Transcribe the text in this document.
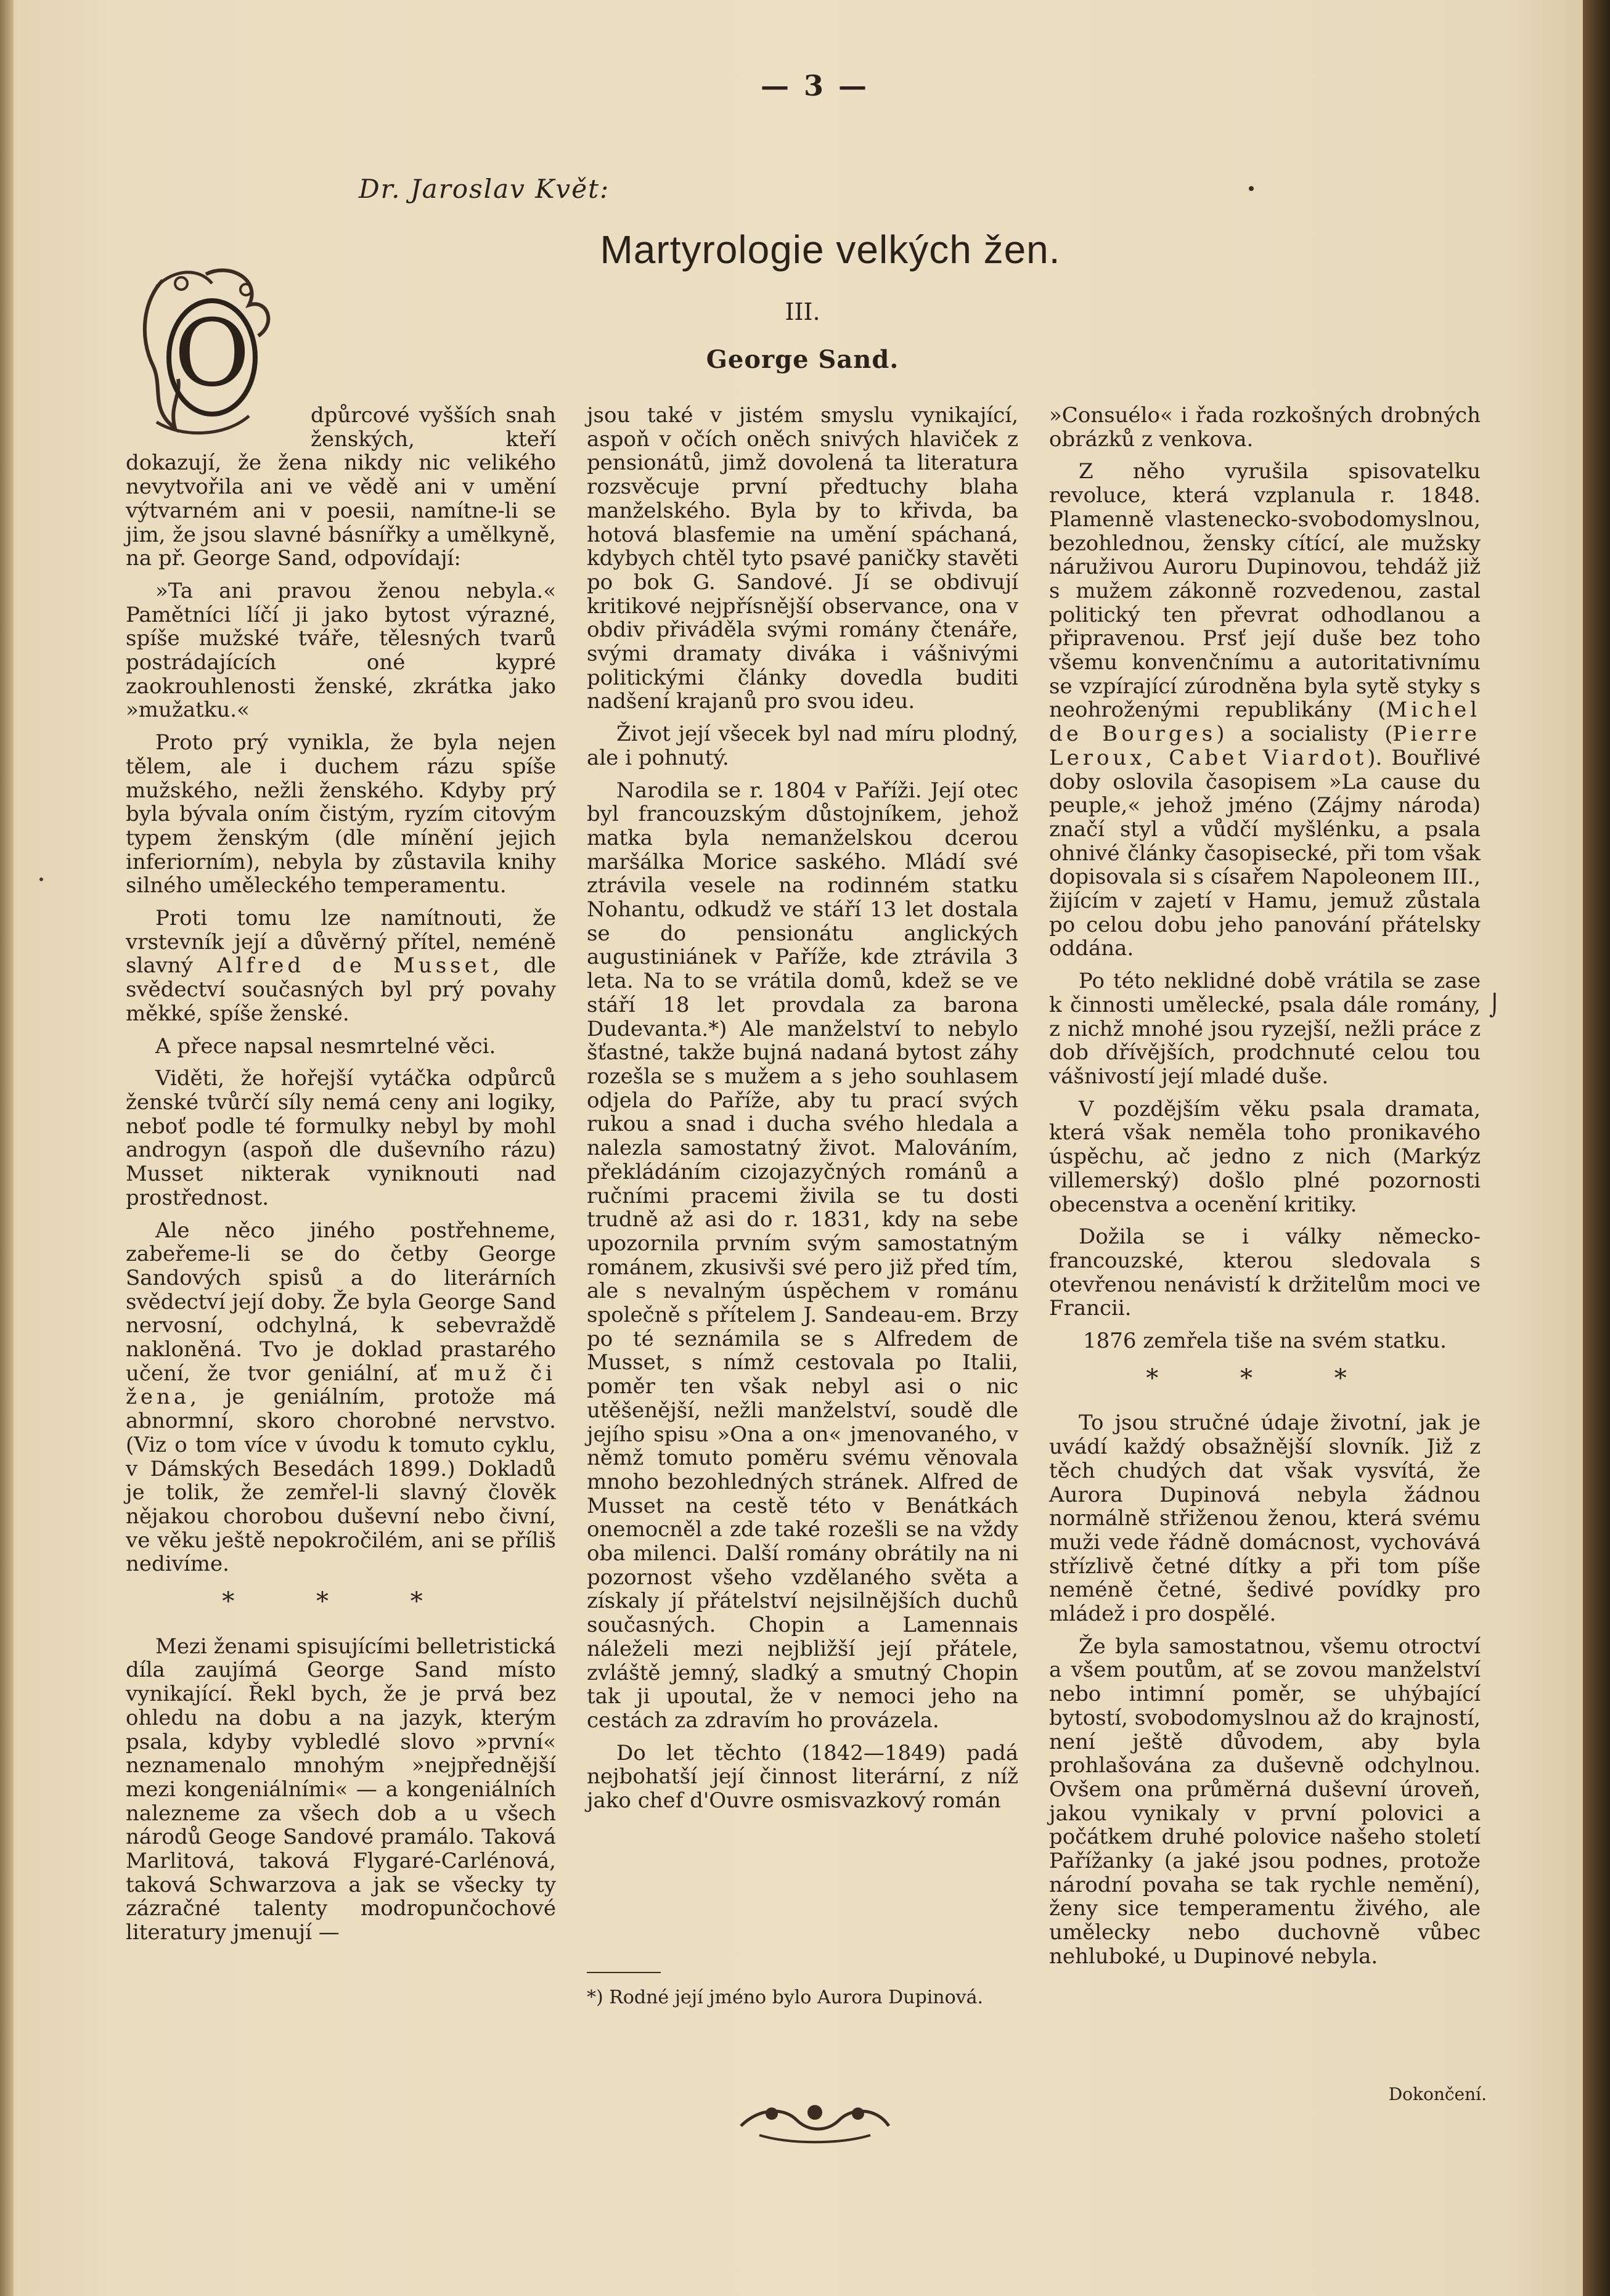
— 3 —
Dr. Jaroslav Květ:
Martyrologie velkých žen.
III.
George Sand.
O

dpůrcové vyšších snah ženských, kteří dokazují, že žena nikdy nic velikého nevytvořila ani ve vědě ani v umění výtvarném ani v poesii, namítne-li se jim, že jsou slavné básnířky a umělkyně, na př. George Sand, odpovídají:

»Ta ani pravou ženou nebyla.« Pamětníci líčí ji jako bytost výrazné, spíše mužské tváře, tělesných tvarů postrádajících oné kypré zaokrouhlenosti ženské, zkrátka jako »mužatku.«

Proto prý vynikla, že byla nejen tělem, ale i duchem rázu spíše mužského, nežli ženského. Kdyby prý byla bývala oním čistým, ryzím citovým typem ženským (dle mínění jejich inferiorním), nebyla by zůstavila knihy silného uměleckého temperamentu.

Proti tomu lze namítnouti, že vrstevník její a důvěrný přítel, neméně slavný Alfred de Musset, dle svědectví současných byl prý povahy měkké, spíše ženské.

A přece napsal nesmrtelné věci.

Viděti, že hořejší vytáčka odpůrců ženské tvůrčí síly nemá ceny ani logiky, neboť podle té formulky nebyl by mohl androgyn (aspoň dle duševního rázu) Musset nikterak vyniknouti nad prostřednost.

Ale něco jiného postřehneme, zabeřeme-li se do četby George Sandových spisů a do literárních svědectví její doby. Že byla George Sand nervosní, odchylná, k sebevraždě nakloněná. Tvo je doklad prastarého učení, že tvor geniální, ať muž či žena, je geniálním, protože má abnormní, skoro chorobné nervstvo. (Viz o tom více v úvodu k tomuto cyklu, v Dámských Besedách 1899.) Dokladů je tolik, že zemřel-li slavný člověk nějakou chorobou duševní nebo čivní, ve věku ještě nepokročilém, ani se příliš nedivíme.

* * *

Mezi ženami spisujícími belletristická díla zaujímá George Sand místo vynikající. Řekl bych, že je prvá bez ohledu na dobu a na jazyk, kterým psala, kdyby vybledlé slovo »první« neznamenalo mnohým »nejpřednější mezi kongeniálními« — a kongeniálních nalezneme za všech dob a u všech národů Geoge Sandové pramálo. Taková Marlitová, taková Flygaré-Carlénová, taková Schwarzova a jak se všecky ty zázračné talenty modropunčochové literatury jmenují —

jsou také v jistém smyslu vynikající, aspoň v očích oněch snivých hlaviček z pensionátů, jimž dovolená ta literatura rozsvěcuje první předtuchy blaha manželského. Byla by to křivda, ba hotová blasfemie na umění spáchaná, kdybych chtěl tyto psavé paničky stavěti po bok G. Sandové. Jí se obdivují kritikové nejpřísnější observance, ona v obdiv přiváděla svými romány čtenáře, svými dramaty diváka i vášnivými politickými články dovedla buditi nadšení krajanů pro svou ideu.

Život její všecek byl nad míru plodný, ale i pohnutý.

Narodila se r. 1804 v Paříži. Její otec byl francouzským důstojníkem, jehož matka byla nemanželskou dcerou maršálka Morice saského. Mládí své ztrávila vesele na rodinném statku Nohantu, odkudž ve stáří 13 let dostala se do pensionátu anglických augustiniánek v Paříže, kde ztrávila 3 leta. Na to se vrátila domů, kdež se ve stáří 18 let provdala za barona Dudevanta.*) Ale manželství to nebylo šťastné, takže bujná nadaná bytost záhy rozešla se s mužem a s jeho souhlasem odjela do Paříže, aby tu prací svých rukou a snad i ducha svého hledala a nalezla samostatný život. Malováním, překládáním cizojazyčných románů a ručními pracemi živila se tu dosti trudně až asi do r. 1831, kdy na sebe upozornila prvním svým samostatným románem, zkusivši své pero již před tím, ale s nevalným úspěchem v románu společně s přítelem J. Sandeau-em. Brzy po té seznámila se s Alfredem de Musset, s nímž cestovala po Italii, poměr ten však nebyl asi o nic utěšenější, nežli manželství, soudě dle jejího spisu »Ona a on« jmenovaného, v němž tomuto poměru svému věnovala mnoho bezohledných stránek. Alfred de Musset na cestě této v Benátkách onemocněl a zde také rozešli se na vždy oba milenci. Další romány obrátily na ni pozornost všeho vzdělaného světa a získaly jí přátelství nejsilnějších duchů současných. Chopin a Lamennais náleželi mezi nejbližší její přátele, zvláště jemný, sladký a smutný Chopin tak ji upoutal, že v nemoci jeho na cestách za zdravím ho provázela.

Do let těchto (1842—1849) padá nejbohatší její činnost literární, z níž jako chef d'Ouvre osmisvazkový román

»Consuélo« i řada rozkošných drobných obrázků z venkova.

Z něho vyrušila spisovatelku revoluce, která vzplanula r. 1848. Plamenně vlastenecko-svobodomyslnou, bezohlednou, žensky cítící, ale mužsky náruživou Auroru Dupinovou, tehdáž již s mužem zákonně rozvedenou, zastal politický ten převrat odhodlanou a připravenou. Prsť její duše bez toho všemu konvenčnímu a autoritativnímu se vzpírající zúrodněna byla sytě styky s neohroženými republikány (Michel de Bourges) a socialisty (Pierre Leroux, Cabet Viardot). Bouřlivé doby oslovila časopisem »La cause du peuple,« jehož jméno (Zájmy národa) značí styl a vůdčí myšlénku, a psala ohnivé články časopisecké, při tom však dopisovala si s císařem Napoleonem III., žijícím v zajetí v Hamu, jemuž zůstala po celou dobu jeho panování přátelsky oddána.

Po této neklidné době vrátila se zase k činnosti umělecké, psala dále romány, z nichž mnohé jsou ryzejší, nežli práce z dob dřívějších, prodchnuté celou tou vášnivostí její mladé duše.

V pozdějším věku psala dramata, která však neměla toho pronikavého úspěchu, ač jedno z nich (Markýz villemerský) došlo plné pozornosti obecenstva a ocenění kritiky.

Dožila se i války německo-francouzské, kterou sledovala s otevřenou nenávistí k držitelům moci ve Francii.

1876 zemřela tiše na svém statku.

* * *

To jsou stručné údaje životní, jak je uvádí každý obsažnější slovník. Již z těch chudých dat však vysvítá, že Aurora Dupinová nebyla žádnou normálně střiženou ženou, která svému muži vede řádně domácnost, vychovává střízlivě četné dítky a při tom píše neméně četné, šedivé povídky pro mládež i pro dospělé.

Že byla samostatnou, všemu otroctví a všem poutům, ať se zovou manželství nebo intimní poměr, se uhýbající bytostí, svobodomyslnou až do krajností, není ještě důvodem, aby byla prohlašována za duševně odchylnou. Ovšem ona průměrná duševní úroveň, jakou vynikaly v první polovici a počátkem druhé polovice našeho století Pařížanky (a jaké jsou podnes, protože národní povaha se tak rychle nemění), ženy sice temperamentu živého, ale umělecky nebo duchovně vůbec nehluboké, u Dupinové nebyla.

*) Rodné její jméno bylo Aurora Dupinová.
Dokončení.
⌡
